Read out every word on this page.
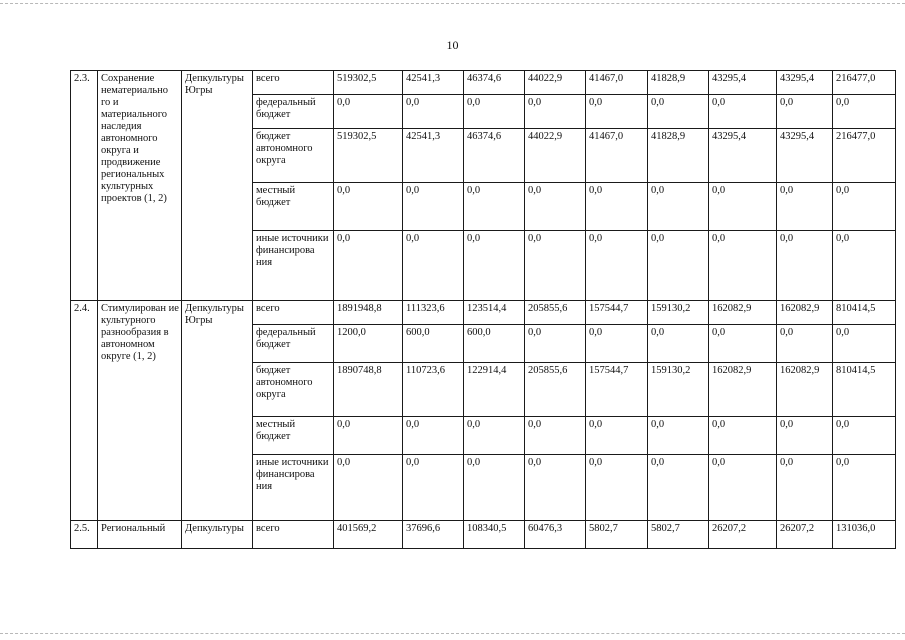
10
2.3.	Сохранение нематериально го и материального наследия автономного округа и продвижение региональных культурных проектов (1, 2)	Депкультуры Югры	всего	519302,5	42541,3	46374,6	44022,9	41467,0	41828,9	43295,4	43295,4	216477,0
			федеральный бюджет	0,0	0,0	0,0	0,0	0,0	0,0	0,0	0,0	0,0
			бюджет автономного округа	519302,5	42541,3	46374,6	44022,9	41467,0	41828,9	43295,4	43295,4	216477,0
			местный бюджет	0,0	0,0	0,0	0,0	0,0	0,0	0,0	0,0	0,0
			иные источники финансирова ния	0,0	0,0	0,0	0,0	0,0	0,0	0,0	0,0	0,0
2.4.	Стимулирован ие культурного разнообразия в автономном округе (1, 2)	Депкультуры Югры	всего	1891948,8	111323,6	123514,4	205855,6	157544,7	159130,2	162082,9	162082,9	810414,5
			федеральный бюджет	1200,0	600,0	600,0	0,0	0,0	0,0	0,0	0,0	0,0
			бюджет автономного округа	1890748,8	110723,6	122914,4	205855,6	157544,7	159130,2	162082,9	162082,9	810414,5
			местный бюджет	0,0	0,0	0,0	0,0	0,0	0,0	0,0	0,0	0,0
			иные источники финансирова ния	0,0	0,0	0,0	0,0	0,0	0,0	0,0	0,0	0,0
2.5.	Региональный	Депкультуры	всего	401569,2	37696,6	108340,5	60476,3	5802,7	5802,7	26207,2	26207,2	131036,0
